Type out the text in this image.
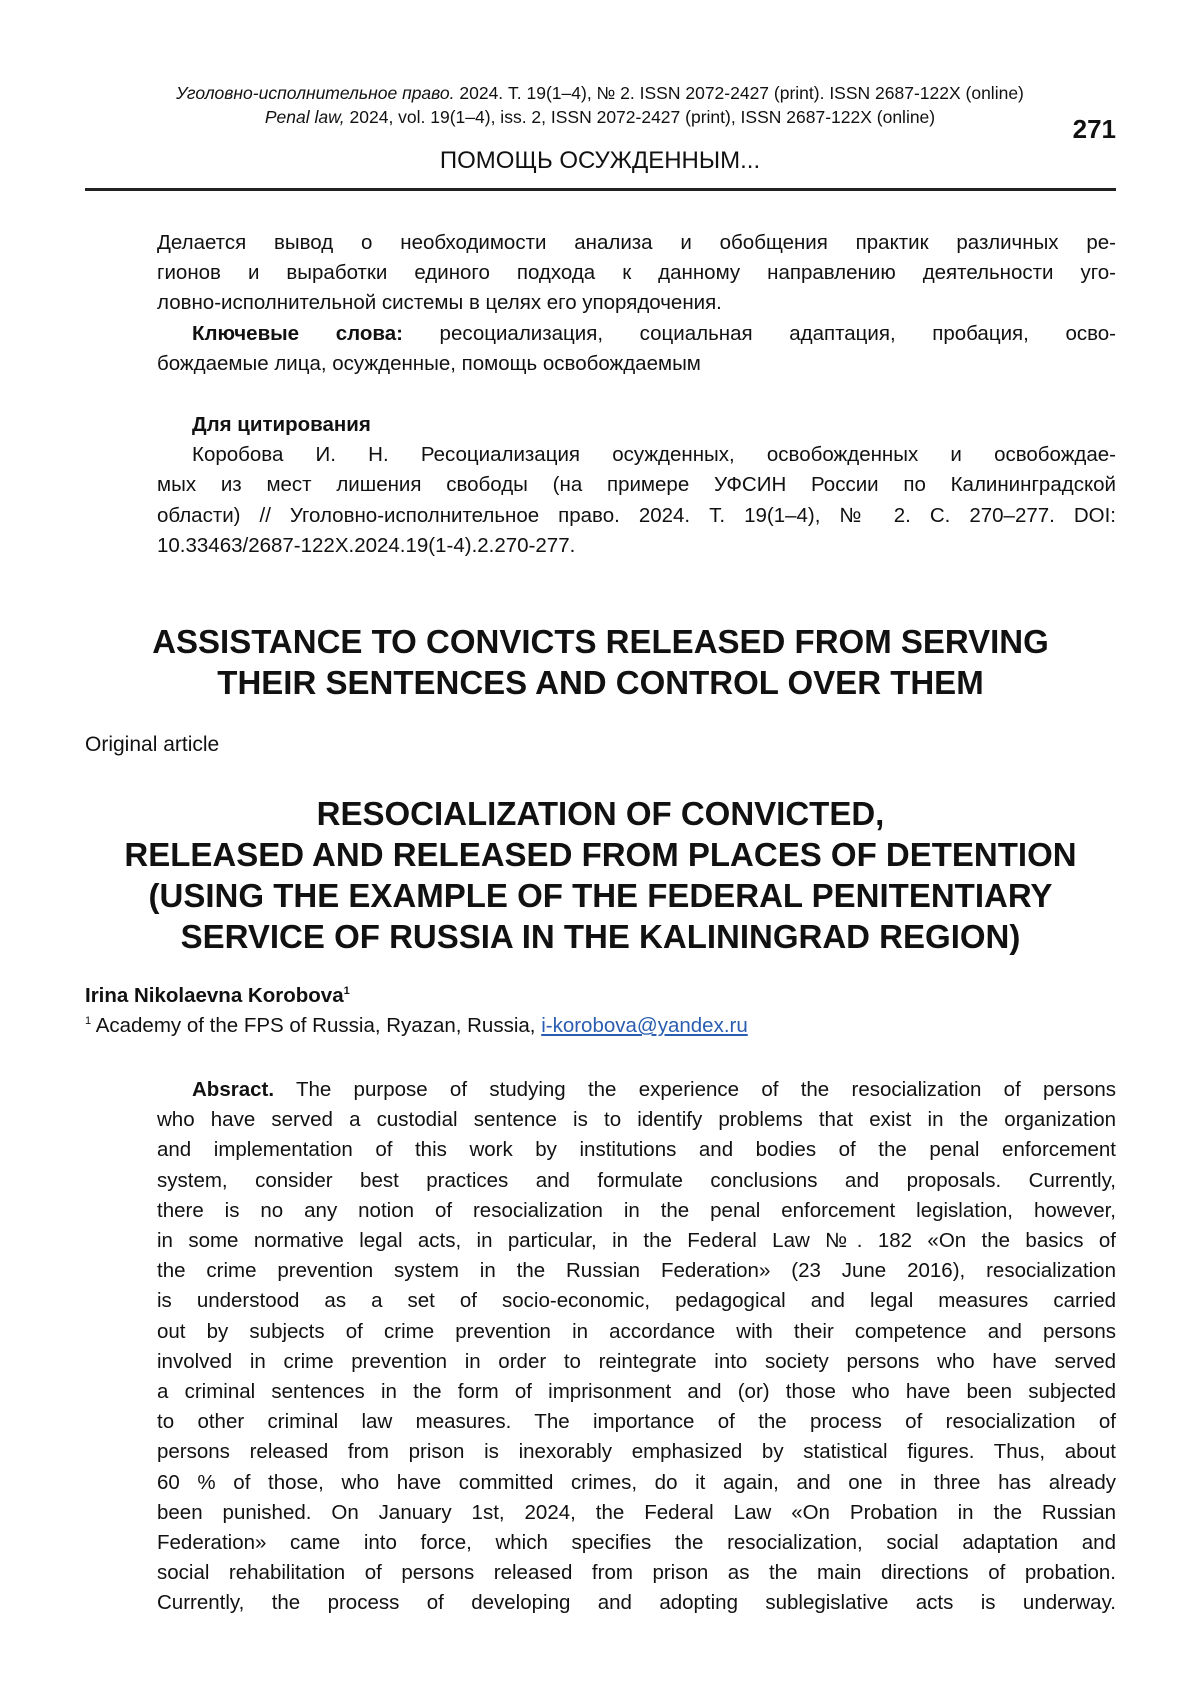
Уголовно-исполнительное право. 2024. Т. 19(1–4), № 2. ISSN 2072-2427 (print). ISSN 2687-122X (online)
Penal law, 2024, vol. 19(1–4), iss. 2, ISSN 2072-2427 (print), ISSN 2687-122X (online)	271
ПОМОЩЬ ОСУЖДЕННЫМ...
Делается вывод о необходимости анализа и обобщения практик различных ре-
гионов и выработки единого подхода к данному направлению деятельности уго-
ловно-исполнительной системы в целях его упорядочения.
Ключевые слова: ресоциализация, социальная адаптация, пробация, осво-
бождаемые лица, осужденные, помощь освобождаемым
Для цитирования
Коробова И. Н. Ресоциализация осужденных, освобожденных и освобождае-
мых из мест лишения свободы (на примере УФСИН России по Калининградской
области) // Уголовно-исполнительное право. 2024. Т. 19(1–4), № 2. С. 270–277. DOI:
10.33463/2687-122X.2024.19(1-4).2.270-277.
ASSISTANCE TO CONVICTS RELEASED FROM SERVING
THEIR SENTENCES AND CONTROL OVER THEM
Original article
RESOCIALIZATION OF CONVICTED,
RELEASED AND RELEASED FROM PLACES OF DETENTION
(USING THE EXAMPLE OF THE FEDERAL PENITENTIARY
SERVICE OF RUSSIA IN THE KALININGRAD REGION)
Irina Nikolaevna Korobova1
1 Academy of the FPS of Russia, Ryazan, Russia, i-korobova@yandex.ru
Absract. The purpose of studying the experience of the resocialization of persons
who have served a custodial sentence is to identify problems that exist in the organization
and implementation of this work by institutions and bodies of the penal enforcement
system, consider best practices and formulate conclusions and proposals. Currently,
there is no any notion of resocialization in the penal enforcement legislation, however,
in some normative legal acts, in particular, in the Federal Law №. 182 «On the basics of
the crime prevention system in the Russian Federation» (23 June 2016), resocialization
is understood as a set of socio-economic, pedagogical and legal measures carried
out by subjects of crime prevention in accordance with their competence and persons
involved in crime prevention in order to reintegrate into society persons who have served
a criminal sentences in the form of imprisonment and (or) those who have been subjected
to other criminal law measures. The importance of the process of resocialization of
persons released from prison is inexorably emphasized by statistical figures. Thus, about
60 % of those, who have committed crimes, do it again, and one in three has already
been punished. On January 1st, 2024, the Federal Law «On Probation in the Russian
Federation» came into force, which specifies the resocialization, social adaptation and
social rehabilitation of persons released from prison as the main directions of probation.
Currently, the process of developing and adopting sublegislative acts is underway.
